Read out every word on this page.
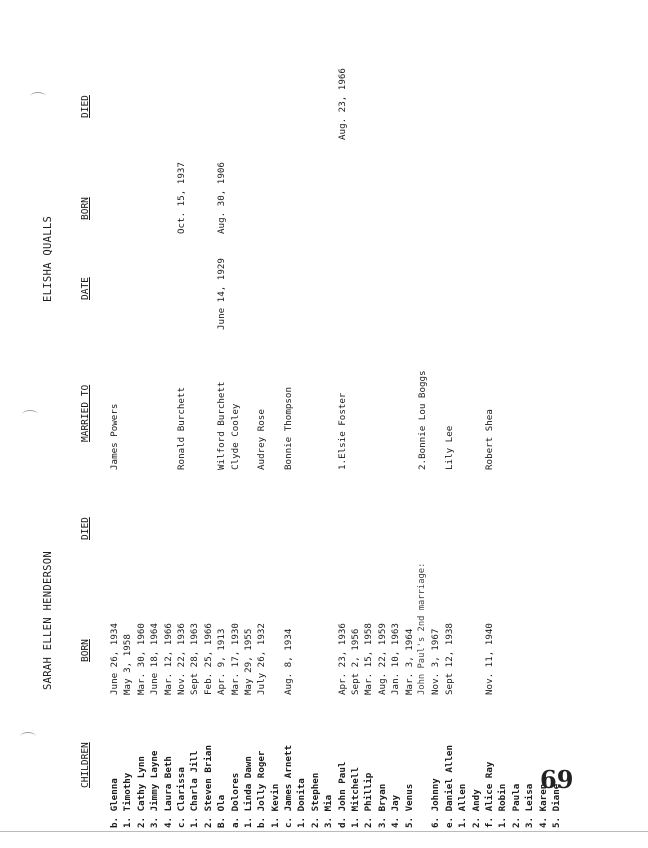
SARAH ELLEN HENDERSON
ELISHA QUALLS
CHILDREN
BORN
DIED
MARRIED TO
DATE
BORN
DIED
b. Glenna
June 26, 1934
James Powers
1. Timothy
May 3, 1958
2. Cathy Lynn
Mar. 30, 1960
3. Jimmy Layne
June 18, 1964
4. Laura Beth
Mar. 12, 1966
c. Clarissa
Nov. 22, 1936
Ronald Burchett
Oct. 15, 1937
1. Charla Jill
Sept 28, 1963
2. Steven Brian
Feb. 25, 1966
B. Ola
Apr. 9, 1913
Wilford Burchett
June 14, 1929
Aug. 30, 1906
a. Dolores
Mar. 17, 1930
Clyde Cooley
1. Linda Dawn
May 29, 1955
b. Jolly Roger
July 26, 1932
Audrey Rose
1. Kevin c. James Arnett
Aug. 8, 1934
Bonnie Thompson
1. Donita 2. Stephen 3. Mia d. John Paul
Apr. 23, 1936
1.Elsie Foster
Aug. 23, 1966
1. Mitchell
Sept 2, 1956
2. Phillip
Mar. 15, 1958
3. Bryan
Aug. 22, 1959
4. Jay
Jan. 10, 1963
5. Venus
Mar. 3, 1964 John Paul's 2nd marriage:
2.Bonnie Lou Boggs
6. Johnny
Nov. 3, 1967
e. Daniel Allen
Sept 12, 1938
Lily Lee
1. Allen 2. Andy f. Alice Ray
Nov. 11, 1940
Robert Shea
1. Robin 2. Paula 3. Leisa 4. Karen 5. Diane
69
